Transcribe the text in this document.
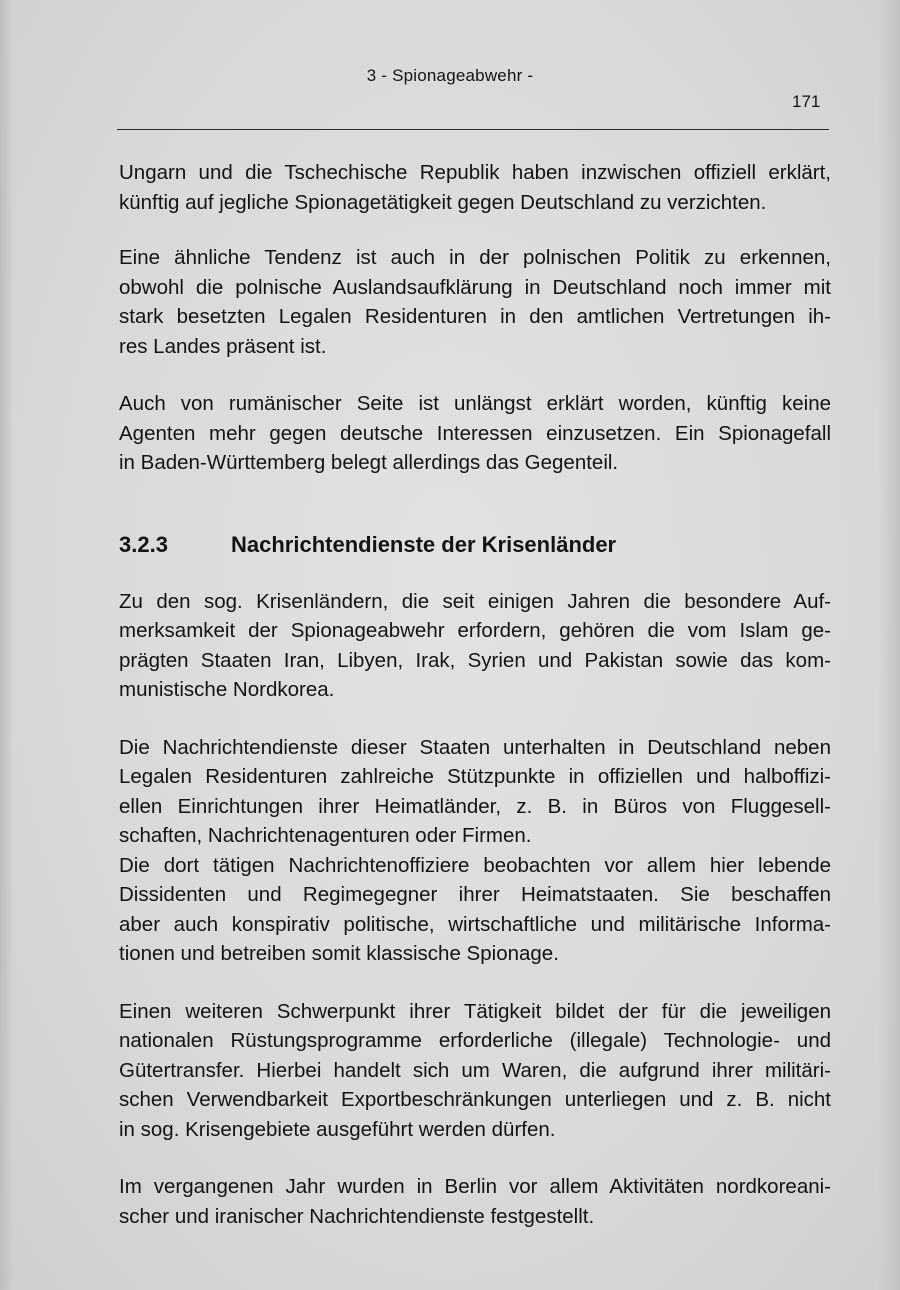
3 - Spionageabwehr -
171

Ungarn und die Tschechische Republik haben inzwischen offiziell erklärt,
künftig auf jegliche Spionagetätigkeit gegen Deutschland zu verzichten.

Eine ähnliche Tendenz ist auch in der polnischen Politik zu erkennen,
obwohl die polnische Auslandsaufklärung in Deutschland noch immer mit
stark besetzten Legalen Residenturen in den amtlichen Vertretungen ih-
res Landes präsent ist.

Auch von rumänischer Seite ist unlängst erklärt worden, künftig keine
Agenten mehr gegen deutsche Interessen einzusetzen. Ein Spionagefall
in Baden-Württemberg belegt allerdings das Gegenteil.

3.2.3	Nachrichtendienste der Krisenländer

Zu den sog. Krisenländern, die seit einigen Jahren die besondere Auf-
merksamkeit der Spionageabwehr erfordern, gehören die vom Islam ge-
prägten Staaten Iran, Libyen, Irak, Syrien und Pakistan sowie das kom-
munistische Nordkorea.

Die Nachrichtendienste dieser Staaten unterhalten in Deutschland neben
Legalen Residenturen zahlreiche Stützpunkte in offiziellen und halboffizi-
ellen Einrichtungen ihrer Heimatländer, z. B. in Büros von Fluggesell-
schaften, Nachrichtenagenturen oder Firmen.
Die dort tätigen Nachrichtenoffiziere beobachten vor allem hier lebende
Dissidenten und Regimegegner ihrer Heimatstaaten. Sie beschaffen
aber auch konspirativ politische, wirtschaftliche und militärische Informa-
tionen und betreiben somit klassische Spionage.

Einen weiteren Schwerpunkt ihrer Tätigkeit bildet der für die jeweiligen
nationalen Rüstungsprogramme erforderliche (illegale) Technologie- und
Gütertransfer. Hierbei handelt sich um Waren, die aufgrund ihrer militäri-
schen Verwendbarkeit Exportbeschränkungen unterliegen und z. B. nicht
in sog. Krisengebiete ausgeführt werden dürfen.

Im vergangenen Jahr wurden in Berlin vor allem Aktivitäten nordkoreani-
scher und iranischer Nachrichtendienste festgestellt.
